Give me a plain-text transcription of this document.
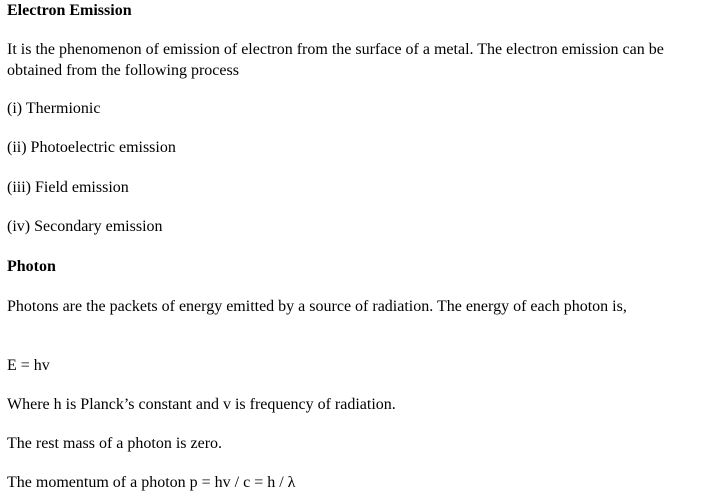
Electron Emission
It is the phenomenon of emission of electron from the surface of a metal. The electron emission can be obtained from the following process
(i) Thermionic
(ii) Photoelectric emission
(iii) Field emission
(iv) Secondary emission
Photon
Photons are the packets of energy emitted by a source of radiation. The energy of each photon is,
E = hv
Where h is Planck’s constant and v is frequency of radiation.
The rest mass of a photon is zero.
The momentum of a photon p = hv / c = h / λ
